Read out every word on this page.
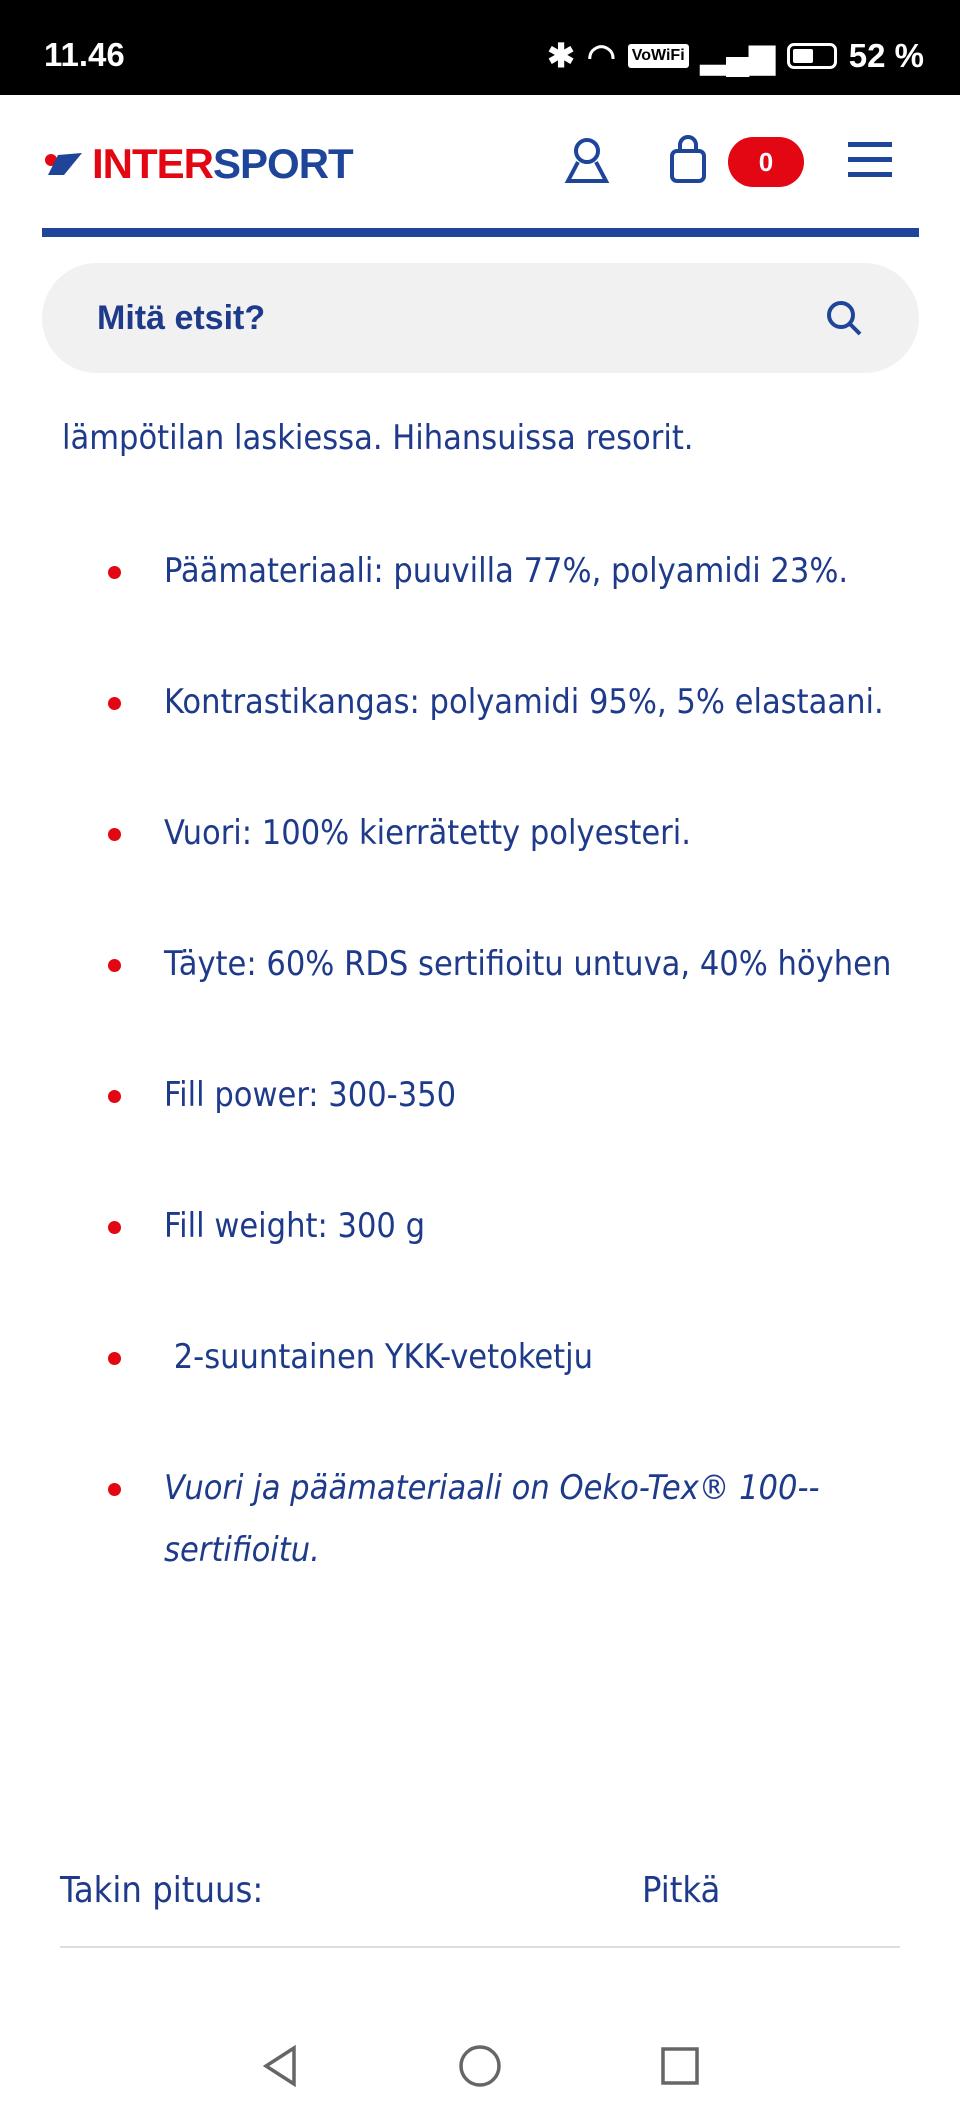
11.46	✱ ◠ VoWiFi ▂▄▆ 52 %
INTER SPORT	0
Mitä etsit?
lämpötilan laskiessa. Hihansuissa resorit.
Päämateriaali: puuvilla 77%, polyamidi 23%.
Kontrastikangas: polyamidi 95%, 5% elastaani.
Vuori: 100% kierrätetty polyesteri.
Täyte: 60% RDS sertifioitu untuva, 40% höyhen
Fill power: 300-350
Fill weight: 300 g
2-suuntainen YKK-vetoketju
Vuori ja päämateriaali on Oeko-Tex® 100--sertifioitu.
Takin pituus:	Pitkä
